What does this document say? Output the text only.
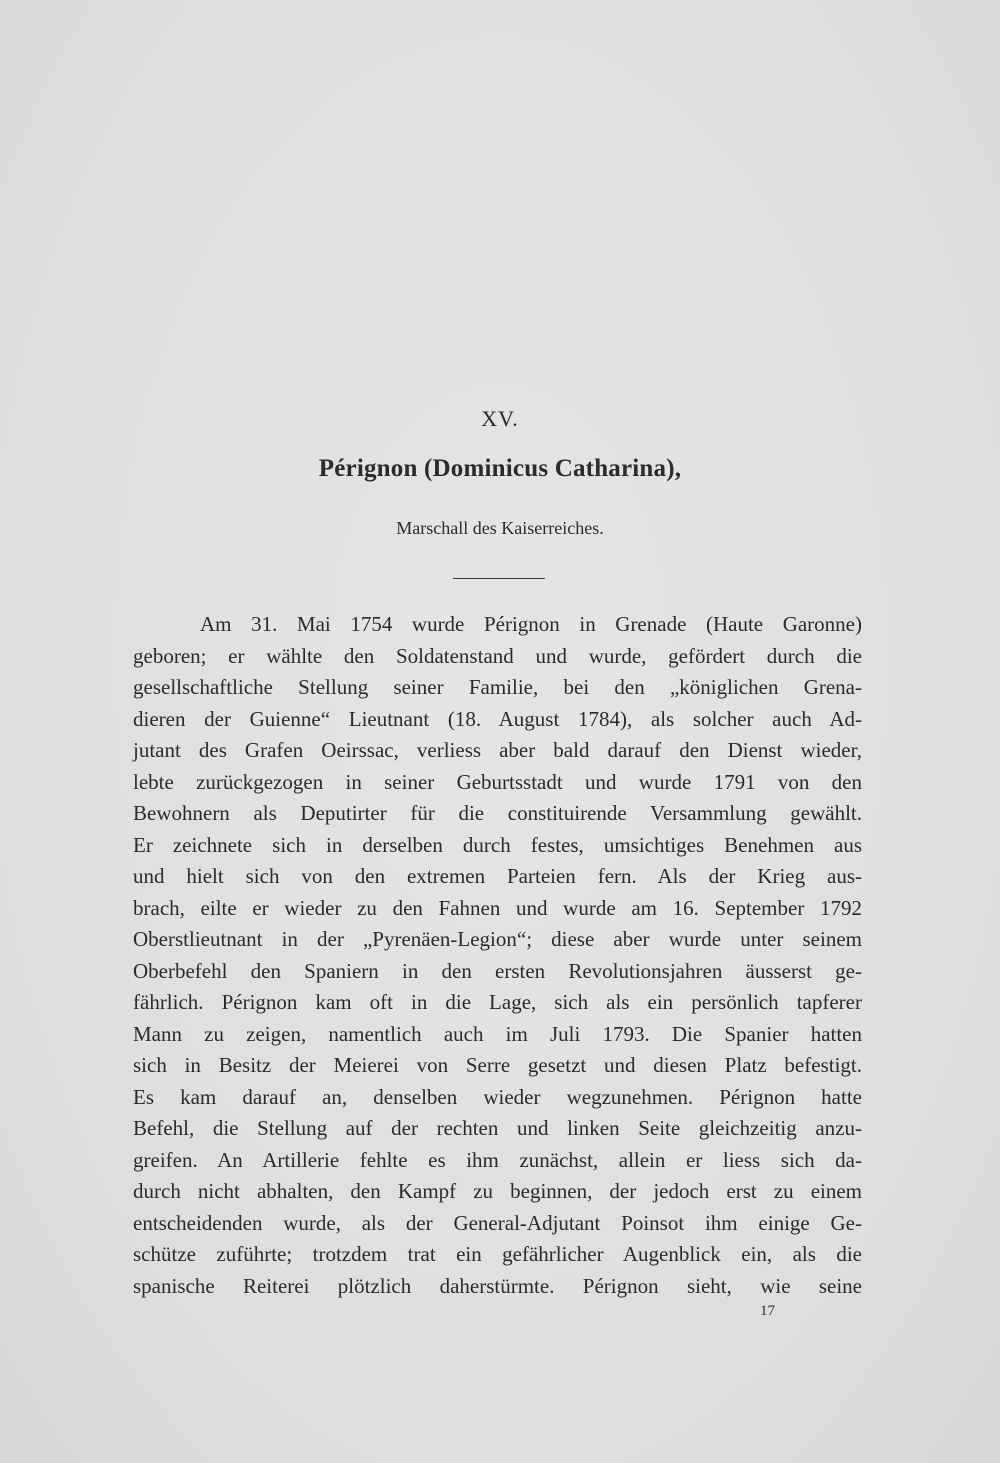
XV.
Pérignon (Dominicus Catharina),
Marschall des Kaiserreiches.
Am 31. Mai 1754 wurde Pérignon in Grenade (Haute Garonne)
geboren; er wählte den Soldatenstand und wurde, gefördert durch die
gesellschaftliche Stellung seiner Familie, bei den „königlichen Grena-
dieren der Guienne“ Lieutnant (18. August 1784), als solcher auch Ad-
jutant des Grafen Oeirssac, verliess aber bald darauf den Dienst wieder,
lebte zurückgezogen in seiner Geburtsstadt und wurde 1791 von den
Bewohnern als Deputirter für die constituirende Versammlung gewählt.
Er zeichnete sich in derselben durch festes, umsichtiges Benehmen aus
und hielt sich von den extremen Parteien fern. Als der Krieg aus-
brach, eilte er wieder zu den Fahnen und wurde am 16. September 1792
Oberstlieutnant in der „Pyrenäen-Legion“; diese aber wurde unter seinem
Oberbefehl den Spaniern in den ersten Revolutionsjahren äusserst ge-
fährlich. Pérignon kam oft in die Lage, sich als ein persönlich tapferer
Mann zu zeigen, namentlich auch im Juli 1793. Die Spanier hatten
sich in Besitz der Meierei von Serre gesetzt und diesen Platz befestigt.
Es kam darauf an, denselben wieder wegzunehmen. Pérignon hatte
Befehl, die Stellung auf der rechten und linken Seite gleichzeitig anzu-
greifen. An Artillerie fehlte es ihm zunächst, allein er liess sich da-
durch nicht abhalten, den Kampf zu beginnen, der jedoch erst zu einem
entscheidenden wurde, als der General-Adjutant Poinsot ihm einige Ge-
schütze zuführte; trotzdem trat ein gefährlicher Augenblick ein, als die
spanische Reiterei plötzlich daherstürmte. Pérignon sieht, wie seine
17
